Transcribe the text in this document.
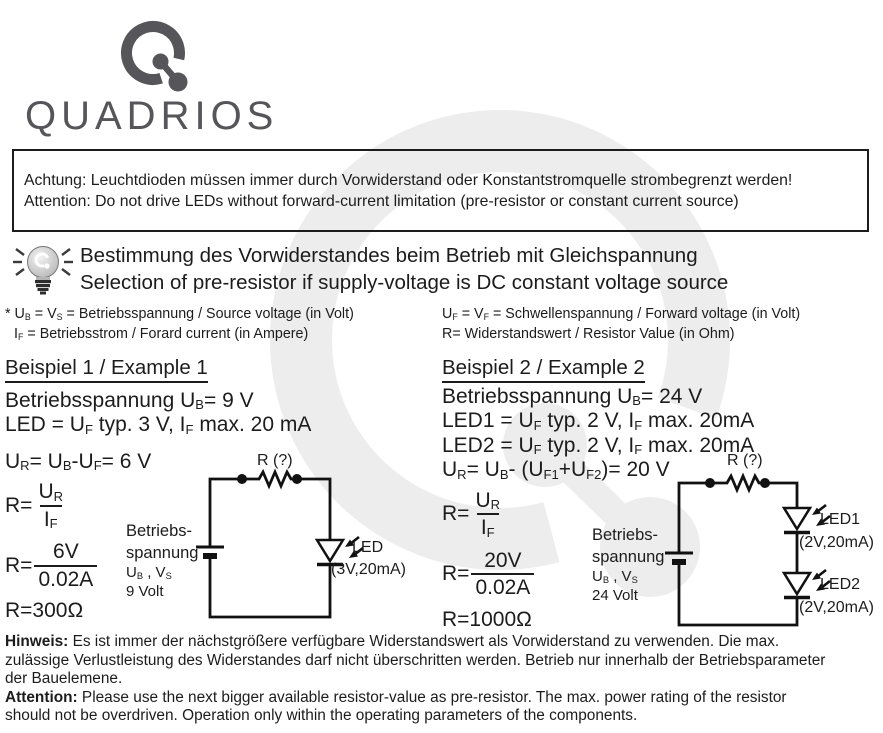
QUADRIOS
Achtung: Leuchtdioden müssen immer durch Vorwiderstand oder Konstantstromquelle strombegrenzt werden!
Attention: Do not drive LEDs without forward-current limitation (pre-resistor or constant current source)
Bestimmung des Vorwiderstandes beim Betrieb mit Gleichspannung
Selection of pre-resistor if supply-voltage is DC constant voltage source
* $U_B = V_S$ = Betriebsspannung / Source voltage (in Volt)
$I_F$ = Betriebsstrom / Forard current (in Ampere)
$U_F = V_F$ = Schwellenspannung / Forward voltage (in Volt)
R= Widerstandswert / Resistor Value (in Ohm)
Beispiel 1 / Example 1
Betriebsspannung $U_B= 9$ V
LED = $U_F$ typ. 3 V, $I_F$ max. 20 mA
$U_R= U_B-U_F= 6$ V
$R= \frac{U_R}{I_F}$
$R= \frac{6V}{0.02A}$
R=300Ω
Beispiel 2 / Example 2
Betriebsspannung $U_B= 24$ V
$LED1 = U_F$ typ. 2 V, $I_F$ max. 20mA
$LED2 = U_F$ typ. 2 V, $I_F$ max. 20mA
$U_R= U_B-$ $(U_{F1}+U_{F2})= 20$ V
$R= \frac{U_R}{I_F}$
$R= \frac{20V}{0.02A}$
R=1000Ω
R (?)
LED
(3V,20mA)
Betriebs-
spannung
$U_B$ , $V_S$
9 Volt
R (?)
LED1
(2V,20mA)
LED2
(2V,20mA)
Betriebs-
spannung
$U_B$ , $V_S$
24 Volt

Hinweis: Es ist immer der nächstgrößere verfügbare Widerstandswert als Vorwiderstand zu verwenden. Die max. zulässige Verlustleistung des Widerstandes darf nicht überschritten werden. Betrieb nur innerhalb der Betriebsparameter der Bauelemene.

Attention: Please use the next bigger available resistor-value as pre-resistor. The max. power rating of the resistor should not be overdriven. Operation only within the operating parameters of the components.
